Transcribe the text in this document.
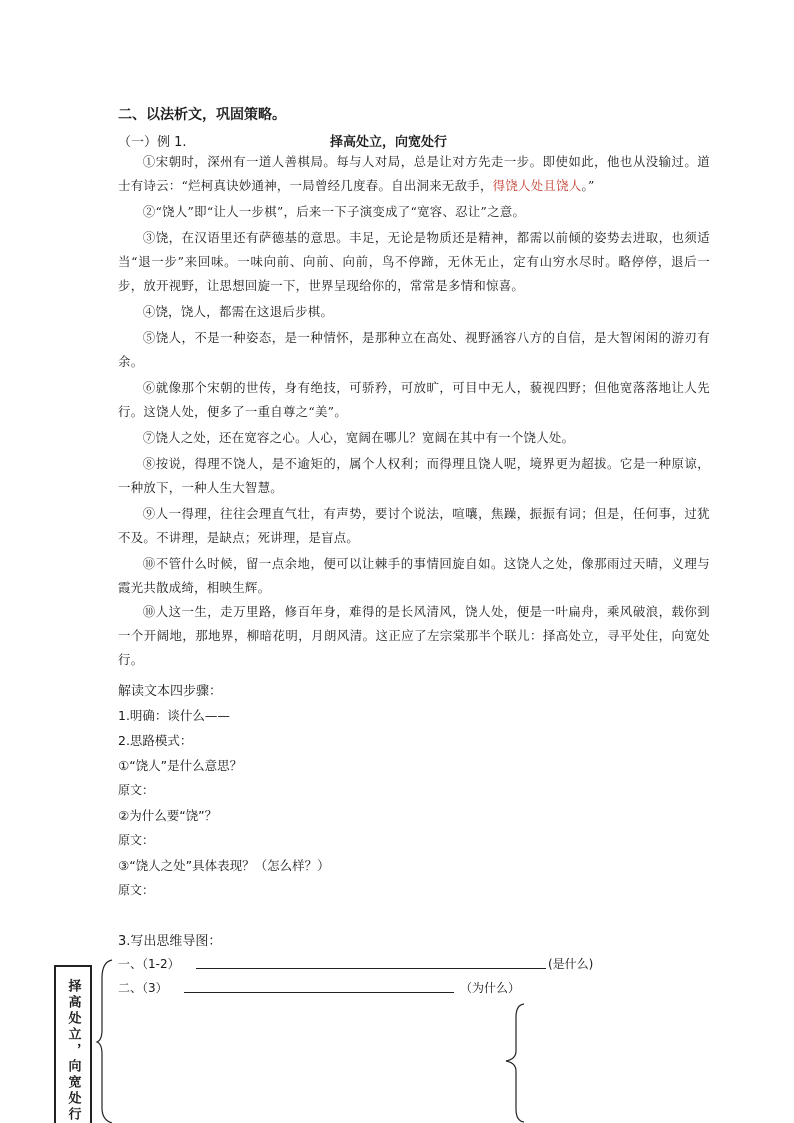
二、以法析文，巩固策略。
（一）例 1.	择高处立，向宽处行
①宋朝时，深州有一道人善棋局。每与人对局，总是让对方先走一步。即使如此，他也从没输过。道士有诗云：“烂柯真诀妙通神，一局曾经几度春。自出洞来无敌手，得饶人处且饶人。”
②“饶人”即“让人一步棋”，后来一下子演变成了“宽容、忍让”之意。
③饶，在汉语里还有萨德基的意思。丰足，无论是物质还是精神，都需以前倾的姿势去进取，也须适当“退一步”来回味。一味向前、向前、向前，鸟不停蹄，无休无止，定有山穷水尽时。略停停，退后一步，放开视野，让思想回旋一下，世界呈现给你的，常常是多情和惊喜。
④饶，饶人，都需在这退后步棋。
⑤饶人，不是一种姿态，是一种情怀，是那种立在高处、视野涵容八方的自信，是大智闲闲的游刃有余。
⑥就像那个宋朝的世传，身有绝技，可骄矜，可放旷，可目中无人，藐视四野；但他宽落落地让人先行。这饶人处，便多了一重自尊之“美”。
⑦饶人之处，还在宽容之心。人心，宽阔在哪儿？宽阔在其中有一个饶人处。
⑧按说，得理不饶人，是不逾矩的，属个人权利；而得理且饶人呢，境界更为超拔。它是一种原谅，一种放下，一种人生大智慧。
⑨人一得理，往往会理直气壮，有声势，要讨个说法，喧嚷，焦躁，振振有词；但是，任何事，过犹不及。不讲理，是缺点；死讲理，是盲点。
⑩不管什么时候，留一点余地，便可以让棘手的事情回旋自如。这饶人之处，像那雨过天晴，义理与霞光共散成绮，相映生辉。
⑩人这一生，走万里路，修百年身，难得的是长风清风，饶人处，便是一叶扁舟，乘风破浪，载你到一个开阔地，那地界，柳暗花明，月朗风清。这正应了左宗棠那半个联儿：择高处立，寻平处住，向宽处行。
解读文本四步骤：
1.明确：谈什么——
2.思路模式：
①“饶人”是什么意思？
原文：
②为什么要“饶”？
原文：
③“饶人之处”具体表现？（怎么样？）
原文：
3.写出思维导图：
择高处立，向宽处行
一、（1-2）	(是什么)
二、（3）	（为什么）
